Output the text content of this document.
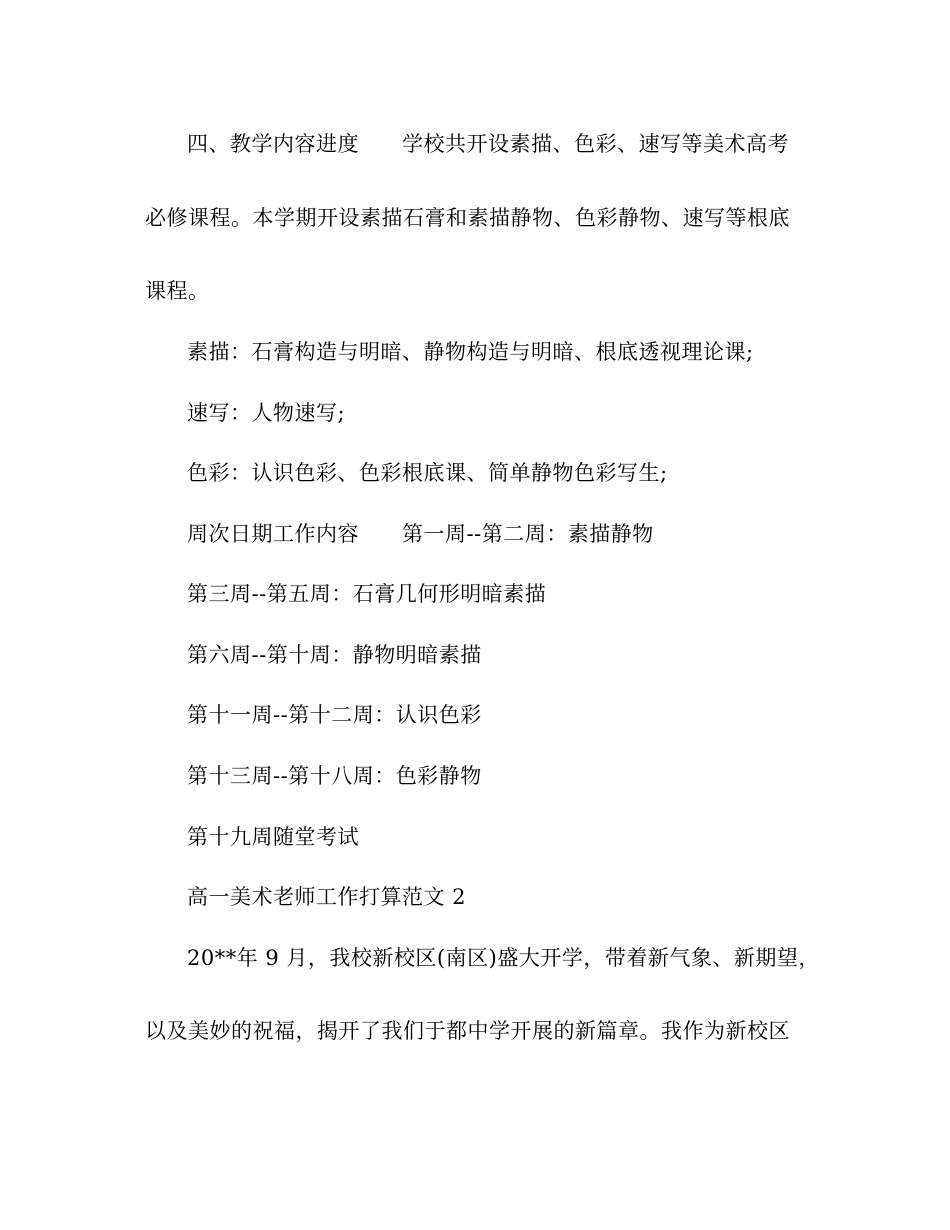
四、教学内容进度　　学校共开设素描、色彩、速写等美术高考
必修课程。本学期开设素描石膏和素描静物、色彩静物、速写等根底
课程。
素描：石膏构造与明暗、静物构造与明暗、根底透视理论课;
速写：人物速写;
色彩：认识色彩、色彩根底课、简单静物色彩写生;
周次日期工作内容　　第一周--第二周：素描静物
第三周--第五周：石膏几何形明暗素描
第六周--第十周：静物明暗素描
第十一周--第十二周：认识色彩
第十三周--第十八周：色彩静物
第十九周随堂考试
高一美术老师工作打算范文 2
20**年 9 月，我校新校区(南区)盛大开学，带着新气象、新期望，
以及美妙的祝福，揭开了我们于都中学开展的新篇章。我作为新校区
